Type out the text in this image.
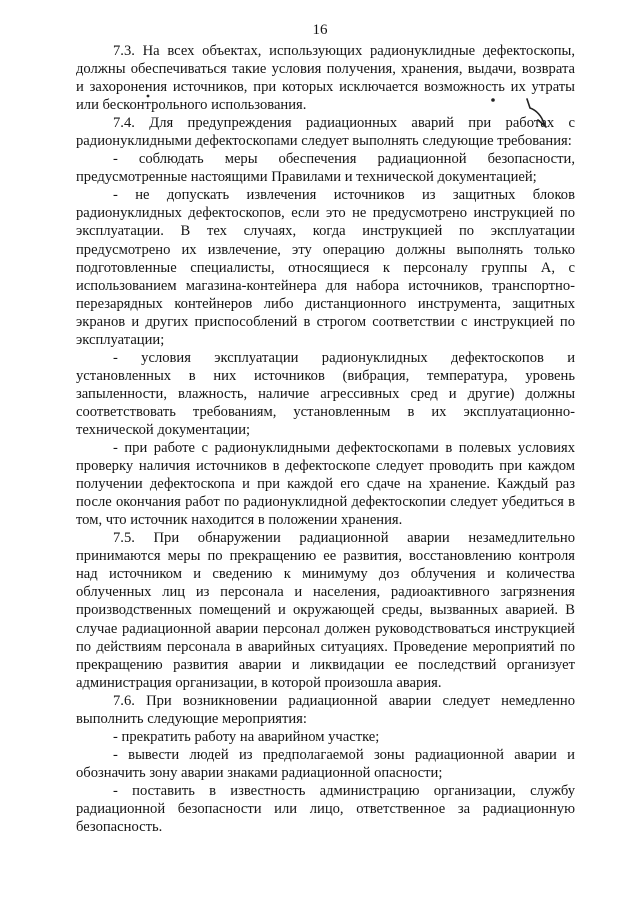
16

7.3. На всех объектах, использующих радионуклидные дефектоскопы, должны обеспечиваться такие условия получения, хранения, выдачи, возврата и захоронения источников, при которых исключается возможность их утраты или бесконтрольного использования.

7.4. Для предупреждения радиационных аварий при работах с радионуклидными дефектоскопами следует выполнять следующие требования:

- соблюдать меры обеспечения радиационной безопасности, предусмотренные настоящими Правилами и технической документацией;

- не допускать извлечения источников из защитных блоков радионуклидных дефектоскопов, если это не предусмотрено инструкцией по эксплуатации. В тех случаях, когда инструкцией по эксплуатации предусмотрено их извлечение, эту операцию должны выполнять только подготовленные специалисты, относящиеся к персоналу группы А, с использованием магазина-контейнера для набора источников, транспортно-перезарядных контейнеров либо дистанционного инструмента, защитных экранов и других приспособлений в строгом соответствии с инструкцией по эксплуатации;

- условия эксплуатации радионуклидных дефектоскопов и установленных в них источников (вибрация, температура, уровень запыленности, влажность, наличие агрессивных сред и другие) должны соответствовать требованиям, установленным в их эксплуатационно-технической документации;

- при работе с радионуклидными дефектоскопами в полевых условиях проверку наличия источников в дефектоскопе следует проводить при каждом получении дефектоскопа и при каждой его сдаче на хранение. Каждый раз после окончания работ по радионуклидной дефектоскопии следует убедиться в том, что источник находится в положении хранения.

7.5. При обнаружении радиационной аварии незамедлительно принимаются меры по прекращению ее развития, восстановлению контроля над источником и сведению к минимуму доз облучения и количества облученных лиц из персонала и населения, радиоактивного загрязнения производственных помещений и окружающей среды, вызванных аварией. В случае радиационной аварии персонал должен руководствоваться инструкцией по действиям персонала в аварийных ситуациях. Проведение мероприятий по прекращению развития аварии и ликвидации ее последствий организует администрация организации, в которой произошла авария.

7.6. При возникновении радиационной аварии следует немедленно выполнить следующие мероприятия:

- прекратить работу на аварийном участке;

- вывести людей из предполагаемой зоны радиационной аварии и обозначить зону аварии знаками радиационной опасности;

- поставить в известность администрацию организации, службу радиационной безопасности или лицо, ответственное за радиационную безопасность.
